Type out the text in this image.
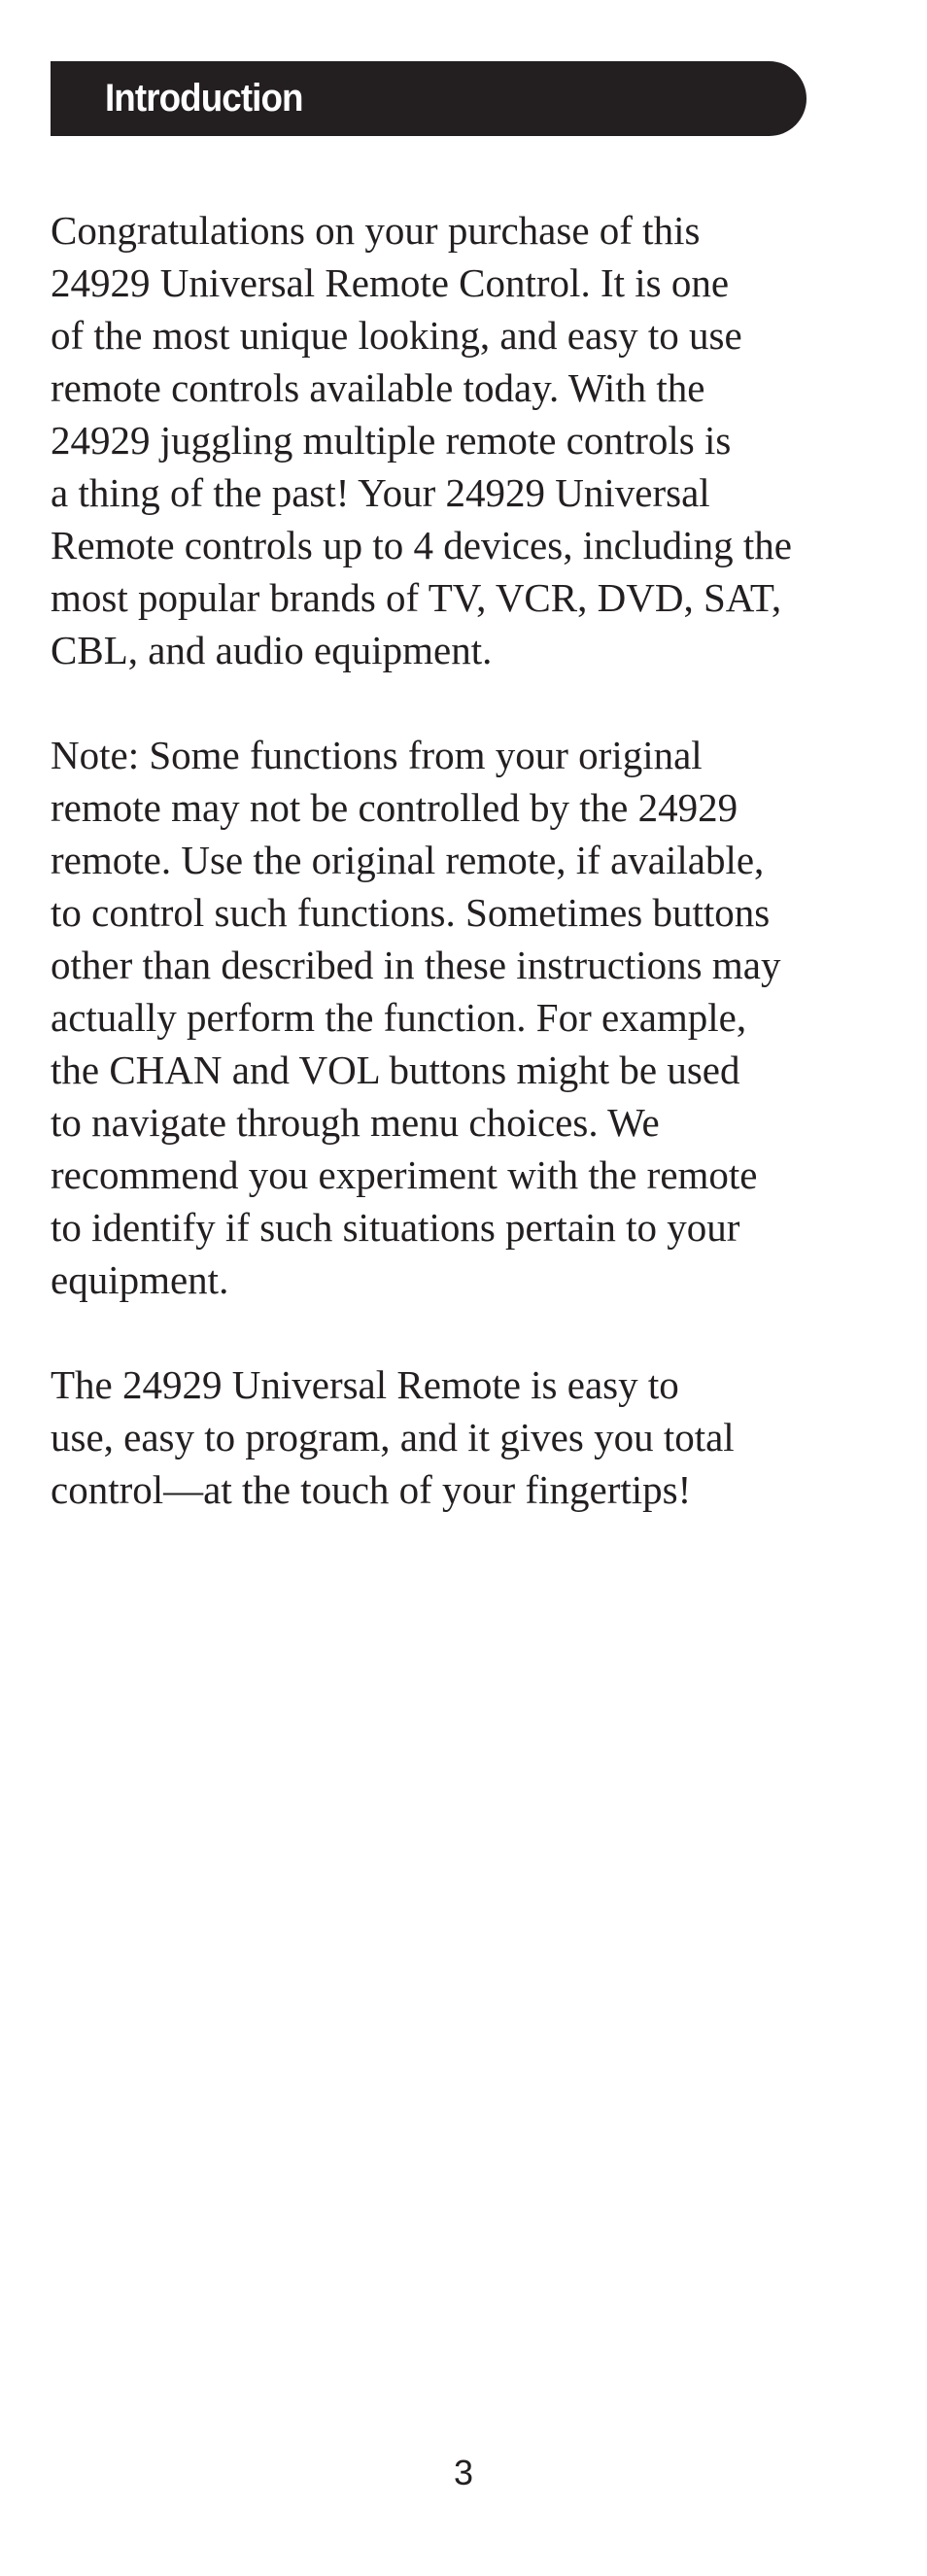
Introduction

Congratulations on your purchase of this
24929 Universal Remote Control. It is one
of the most unique looking, and easy to use
remote controls available today. With the
24929 juggling multiple remote controls is
a thing of the past! Your 24929 Universal
Remote controls up to 4 devices, including the
most popular brands of TV, VCR, DVD, SAT,
CBL, and audio equipment.

Note: Some functions from your original
remote may not be controlled by the 24929
remote. Use the original remote, if available,
to control such functions. Sometimes buttons
other than described in these instructions may
actually perform the function. For example,
the CHAN and VOL buttons might be used
to navigate through menu choices. We
recommend you experiment with the remote
to identify if such situations pertain to your
equipment.

The 24929 Universal Remote is easy to
use, easy to program, and it gives you total
control—at the touch of your fingertips!

3
